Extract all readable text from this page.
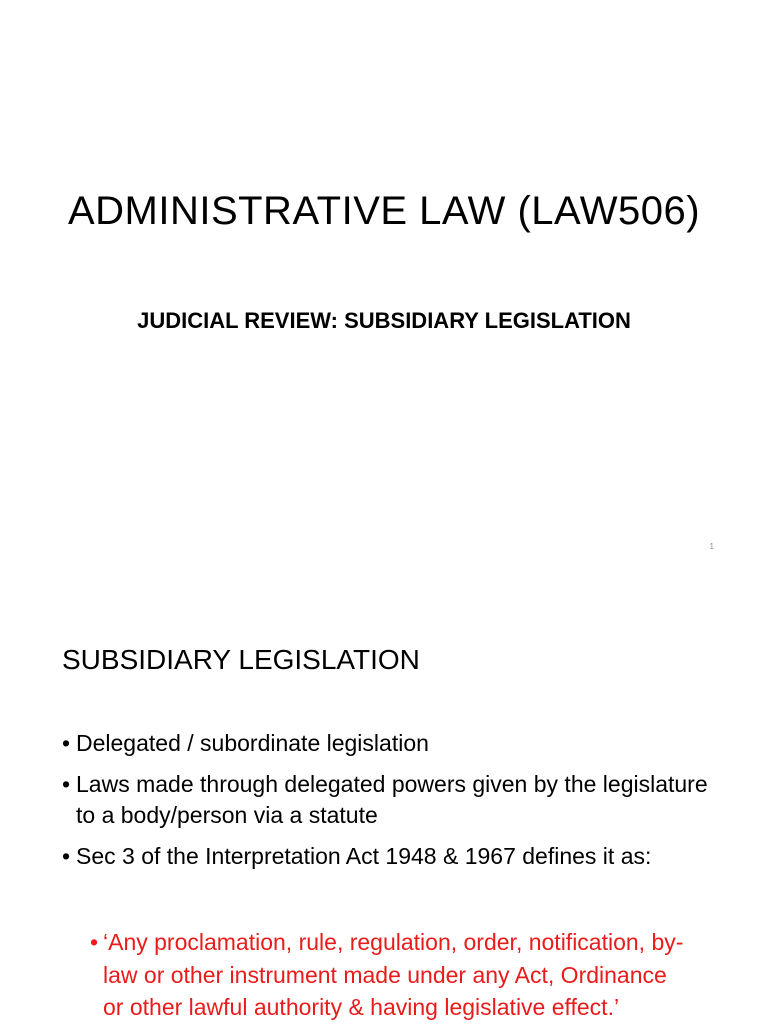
ADMINISTRATIVE LAW (LAW506)
JUDICIAL REVIEW: SUBSIDIARY LEGISLATION
1
SUBSIDIARY LEGISLATION
• Delegated / subordinate legislation
• Laws made through delegated powers given by the legislature to a body/person via a statute
• Sec 3 of the Interpretation Act 1948 & 1967 defines it as:
• ‘Any proclamation, rule, regulation, order, notification, by-law or other instrument made under any Act, Ordinance or other lawful authority & having legislative effect.’
